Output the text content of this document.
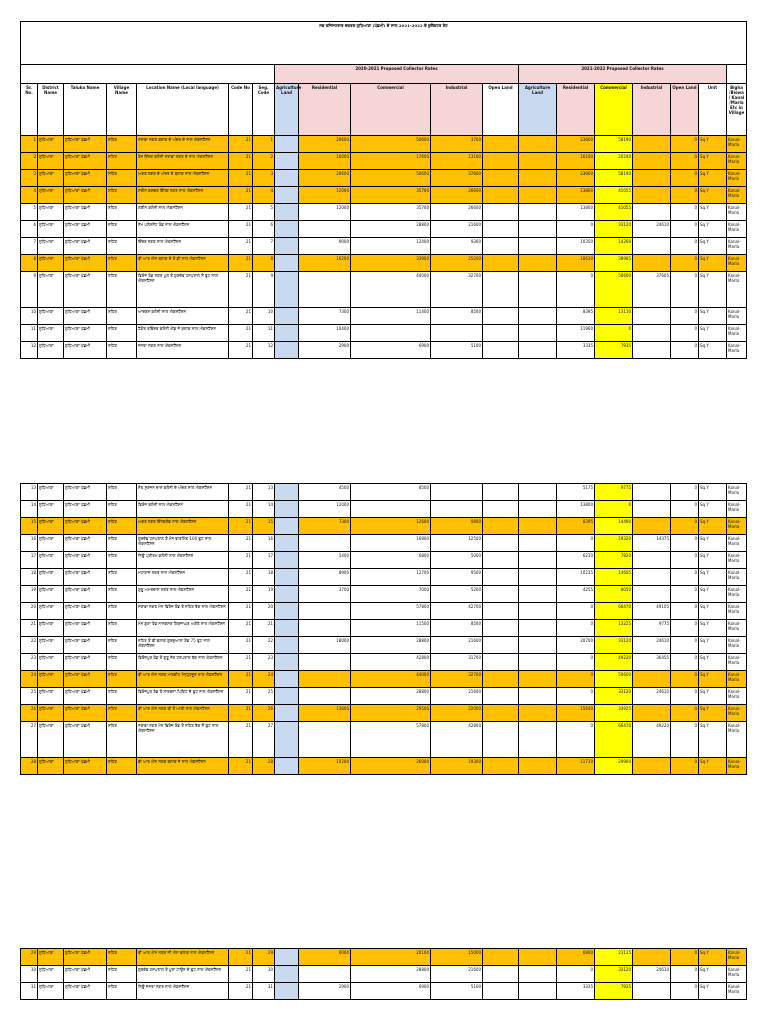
ਸਬ ਰਜਿਸਟਰਾਰ ਦਫਤਰ ਲੁਧਿਆਣਾ (ਪੱਛਮੀ) ਦੇ ਸਾਲ 2021-2022 ਦੇ ਕੁਲੈਕਟਰ ਰੇਟ																		
							2020-2021 Proposed Collector Rates					2021-2022 Proposed Collector Rates						
Sr. No.	District Name	Taluka Name	Village Name	Location Name (Local language)	Code No	Seg. Code	Agriculture Land	Residential	Commercial	Industrial	Open Land	Agriculture Land	Residential	Commercial	Industrial	Open Land	Unit	Bigha /Biswa / Kanal /Marla Etc in Village
1	ਲੁਧਿਆਣਾ	ਲੁਧਿਆਣਾ ਪੱਛਮੀ	ਸ਼ਹਿਰ	ਸਰਾਭਾ ਨਗਰ ਬਲਾਕ ਦੇ ਅੰਦਰ ਦੇ ਨਾਲ ਐਕਸਟੈਂਸ਼ਨ	21	1		20600	50600	3700			23660	58190		0	Sq.Y	Kanal-Marla
2	ਲੁਧਿਆਣਾ	ਲੁਧਿਆਣਾ ਪੱਛਮੀ	ਸ਼ਹਿਰ	ਰੋਜ਼ ਇੰਨਕ ਕਲੋਨੀ ਸਰਾਭਾ ਨਗਰ ਦੇ ਨਾਲ ਐਕਸਟੈਂਸ਼ਨ	21	2		16000	17600	13100			16100	20240		0	Sq.Y	Kanal-Marla
3	ਲੁਧਿਆਣਾ	ਲੁਧਿਆਣਾ ਪੱਛਮੀ	ਸ਼ਹਿਰ	ਅਗਰ ਨਗਰ ਦੇ ਅੰਦਰ ਦੇ ਬਲਾਕ ਨਾਲ ਐਕਸਟੈਂਸ਼ਨ	21	3		20600	50600	37600			23660	58190		0	Sq.Y	Kanal-Marla
4	ਲੁਧਿਆਣਾ	ਲੁਧਿਆਣਾ ਪੱਛਮੀ	ਸ਼ਹਿਰ	ਸਰੀਨ ਕਲਚਰ ਇੰਨਕ ਨਗਰ ਨਾਲ ਐਕਸਟੈਂਸ਼ਨ	21	4		12000	35700	26600			13800	41055		0	Sq.Y	Kanal-Marla
5	ਲੁਧਿਆਣਾ	ਲੁਧਿਆਣਾ ਪੱਛਮੀ	ਸ਼ਹਿਰ	ਗਰੀਨ ਕਲੋਨੀ ਨਾਲ ਐਕਸਟੈਂਸ਼ਨ	21	5		12000	35700	26600			13800	41055		0	Sq.Y	Kanal-Marla
6	ਲੁਧਿਆਣਾ	ਲੁਧਿਆਣਾ ਪੱਛਮੀ	ਸ਼ਹਿਰ	ਨੇਮ ਪਲੇਸਮੈਂਟ ਰੋਡ ਨਾਲ ਐਕਸਟੈਂਸ਼ਨ	21	6			28800	21600			0	33120	24610	0	Sq.Y	Kanal-Marla
7	ਲੁਧਿਆਣਾ	ਲੁਧਿਆਣਾ ਪੱਛਮੀ	ਸ਼ਹਿਰ	ਇੰਦਰ ਨਗਰ ਨਾਲ ਐਕਸਟੈਂਸ਼ਨ	21	7		9000	12400	9300			10350	14260		0	Sq.Y	Kanal-Marla
8	ਲੁਧਿਆਣਾ	ਲੁਧਿਆਣਾ ਪੱਛਮੀ	ਸ਼ਹਿਰ	ਬੀ ਆਰ ਐਸ ਬਲਾਕ ਦੇ ਤੋਂ ਡੀ ਨਾਲ ਐਕਸਟੈਂਸ਼ਨ	21	8		16200	33900	25200			18630	38985		0	Sq.Y	Kanal-Marla
9	ਲੁਧਿਆਣਾ	ਲੁਧਿਆਣਾ ਪੱਛਮੀ	ਸ਼ਹਿਰ	ਫਿਰੋਜ਼ ਰੋਡ ਨਗਰ ਪੁਲ ਤੋਂ ਗੁਰਦੇਵ ਹਸਪਤਾਲ ਸੌ ਫੁਟ ਨਾਲ ਐਕਸਟੈਂਸ਼ਨ	21	9			44000	32700			0	50600	37605	0	Sq.Y	Kanal-Marla
10	ਲੁਧਿਆਣਾ	ਲੁਧਿਆਣਾ ਪੱਛਮੀ	ਸ਼ਹਿਰ	ਆਦਰਸ਼ ਕਲੋਨੀ ਨਾਲ ਐਕਸਟੈਂਸ਼ਨ	21	10		7300	11400	8500			8395	13110		0	Sq.Y	Kanal-Marla
11	ਲੁਧਿਆਣਾ	ਲੁਧਿਆਣਾ ਪੱਛਮੀ	ਸ਼ਹਿਰ	ਟੈਗੋਰ ਰਵਿੰਦਰ ਕਲੋਨੀ ਐਂਡ ਜੇ ਬਲਾਕ ਨਾਲ ਐਕਸਟੈਂਸ਼ਨ	21	11		10400					11960	0		0	Sq.Y	Kanal-Marla
12	ਲੁਧਿਆਣਾ	ਲੁਧਿਆਣਾ ਪੱਛਮੀ	ਸ਼ਹਿਰ	ਜਨਤਾ ਨਗਰ ਨਾਲ ਐਕਸਟੈਂਸ਼ਨ	21	12		2900	6900	5100			3335	7935		0	Sq.Y	Kanal-Marla
13	ਲੁਧਿਆਣਾ	ਲੁਧਿਆਣਾ ਪੱਛਮੀ	ਸ਼ਹਿਰ	ਸੰਤ ਸੁਰਜਨ ਦਾਸ ਕਲੋਨੀ ਦੇ ਅੰਦਰ ਨਾਲ ਐਕਸਟੈਂਸ਼ਨ	21	13		4500	8500				5175	9775		0	Sq.Y	Kanal-Marla
14	ਲੁਧਿਆਣਾ	ਲੁਧਿਆਣਾ ਪੱਛਮੀ	ਸ਼ਹਿਰ	ਫਿਰੋਜ਼ ਕਲੋਨੀ ਨਾਲ ਐਕਸਟੈਂਸ਼ਨ	21	14		12000					13800	0		0	Sq.Y	Kanal-Marla
15	ਲੁਧਿਆਣਾ	ਲੁਧਿਆਣਾ ਪੱਛਮੀ	ਸ਼ਹਿਰ	ਅਗਰ ਨਗਰ ਇੰਨਕਲੇਵ ਨਾਲ ਐਕਸਟੈਂਸ਼ਨ	21	15		7300	12600	9400			8395	14490		0	Sq.Y	Kanal-Marla
16	ਲੁਧਿਆਣਾ	ਲੁਧਿਆਣਾ ਪੱਛਮੀ	ਸ਼ਹਿਰ	ਗੁਰਦੇਵ ਹਸਪਤਾਲ ਤੋਂ ਮੰਨ ਫਾਰਮਿੰਗ 100 ਫੁਟ ਨਾਲ ਐਕਸਟੈਂਸ਼ਨ	21	16			16800	12500			0	19320	14375	0	Sq.Y	Kanal-Marla
17	ਲੁਧਿਆਣਾ	ਲੁਧਿਆਣਾ ਪੱਛਮੀ	ਸ਼ਹਿਰ	ਨਿਊ ਪ੍ਰੀਤਮ ਕਲੋਨੀ ਨਾਲ ਐਕਸਟੈਂਸ਼ਨ	21	17		5400	6800	5000			6210	7820		0	Sq.Y	Kanal-Marla
18	ਲੁਧਿਆਣਾ	ਲੁਧਿਆਣਾ ਪੱਛਮੀ	ਸ਼ਹਿਰ	ਮਹਾਰਾਜ ਨਗਰ ਨਾਲ ਐਕਸਟੈਂਸ਼ਨ	21	18		8900	12700	9500			10235	14605		0	Sq.Y	Kanal-Marla
19	ਲੁਧਿਆਣਾ	ਲੁਧਿਆਣਾ ਪੱਛਮੀ	ਸ਼ਹਿਰ	ਗੁਰੂ ਅਮਰਦਾਸ ਨਗਰ ਨਾਲ ਐਕਸਟੈਂਸ਼ਨ	21	19		3700	7000	5200			4255	8050		0	Sq.Y	Kanal-Marla
20	ਲੁਧਿਆਣਾ	ਲੁਧਿਆਣਾ ਪੱਛਮੀ	ਸ਼ਹਿਰ	ਸਰਾਭਾ ਨਗਰ ਮੇਨ ਫਿਰੋਜ਼ ਰੋਡ ਤੋਂ ਨਹਿਰ ਤੱਕ ਨਾਲ ਐਕਸਟੈਂਸ਼ਨ	21	20			57800	42700			0	66470	49105	0	Sq.Y	Kanal-Marla
21	ਲੁਧਿਆਣਾ	ਲੁਧਿਆਣਾ ਪੱਛਮੀ	ਸ਼ਹਿਰ	ਮੇਨ ਗੁਰਾ ਰੋਡ ਨਾਨਕਸਰ ਗਿਰਜਾਘਰ ਅਗੇਤੇ ਨਾਲ ਐਕਸਟੈਂਸ਼ਨ	21	21			11500	8500			0	13225	9775	0	Sq.Y	Kanal-Marla
22	ਲੁਧਿਆਣਾ	ਲੁਧਿਆਣਾ ਪੱਛਮੀ	ਸ਼ਹਿਰ	ਨਹਿਰ ਤੋਂ ਬੀ ਬਲਾਕ ਗੁਰਦੁਆਰਾ ਰੋਡ 75 ਫੁਟ ਨਾਲ ਐਕਸਟੈਂਸ਼ਨ	21	22		18000	28800	21600			20700	33120	24610	0	Sq.Y	Kanal-Marla
23	ਲੁਧਿਆਣਾ	ਲੁਧਿਆਣਾ ਪੱਛਮੀ	ਸ਼ਹਿਰ	ਫਿਰੋਜ਼ਪੁਰ ਰੋਡ ਤੋਂ ਗੁਰੂ ਨੇਤ ਹਸਪਤਾਲ ਤੱਕ ਨਾਲ ਐਕਸਟੈਂਸ਼ਨ	21	23			42800	31700			0	49220	36455	0	Sq.Y	Kanal-Marla
24	ਲੁਧਿਆਣਾ	ਲੁਧਿਆਣਾ ਪੱਛਮੀ	ਸ਼ਹਿਰ	ਬੀ ਆਰ ਐਸ ਨਗਰ ਮਾਰਕੀਟ ਮੇਨ੍ਹੁਰਜ਼ੂਰ ਨਾਲ ਐਕਸਟੈਂਸ਼ਨ	21	24			44000	32700			0	50600		0	Sq.Y	Kanal-Marla
25	ਲੁਧਿਆਣਾ	ਲੁਧਿਆਣਾ ਪੱਛਮੀ	ਸ਼ਹਿਰ	ਫਿਰੋਜ਼ਪੁਰ ਰੋਡ ਤੋਂ ਨਾਰਥਨਾ ਪਿਕਿਟ ਦੇ ਫੁਟ ਨਾਲ ਐਕਸਟੈਂਸ਼ਨ	21	25			28800	21600			0	33120	24610	0	Sq.Y	Kanal-Marla
26	ਲੁਧਿਆਣਾ	ਲੁਧਿਆਣਾ ਪੱਛਮੀ	ਸ਼ਹਿਰ	ਬੀ ਆਰ ਐਸ ਨਗਰ ਬੀ ਤੋਂ ਆਈ ਨਾਲ ਐਕਸਟੈਂਸ਼ਨ	21	26		13600	29500	22000			15640	33925		0	Sq.Y	Kanal-Marla
27	ਲੁਧਿਆਣਾ	ਲੁਧਿਆਣਾ ਪੱਛਮੀ	ਸ਼ਹਿਰ	ਸਰਾਭਾ ਨਗਰ ਮੇਨ ਫਿਰੋਜ਼ ਰੋਡ ਤੋਂ ਨਹਿਰ ਤੱਕ ਸੌ ਫੁਟ ਨਾਲ ਐਕਸਟੈਂਸ਼ਨ	21	27			57800	42800			0	66470	49220	0	Sq.Y	Kanal-Marla
28	ਲੁਧਿਆਣਾ	ਲੁਧਿਆਣਾ ਪੱਛਮੀ	ਸ਼ਹਿਰ	ਬੀ ਆਰ ਐਸ ਨਗਰ ਬਲਾਕ ਜੇ ਨਾਲ ਐਕਸਟੈਂਸ਼ਨ	21	28		10200	26000	19300			11730	29900		0	Sq.Y	Kanal-Marla
29	ਲੁਧਿਆਣਾ	ਲੁਧਿਆਣਾ ਪੱਛਮੀ	ਸ਼ਹਿਰ	ਬੀ ਆਰ ਐਸ ਨਗਰ ਜੀ ਐਸ ਬਲਾਕ ਨਾਲ ਐਕਸਟੈਂਸ਼ਨ	21	29		6000	20100	15000			6900	23115		0	Sq.Y	Kanal-Marla
30	ਲੁਧਿਆਣਾ	ਲੁਧਿਆਣਾ ਪੱਛਮੀ	ਸ਼ਹਿਰ	ਗੁਰਦੇਵ ਹਸਪਤਾਲ ਤੋਂ ਪੁਰਾ ਟਾਉਨ ਦੇ ਫੁਟ ਨਾਲ ਐਕਸਟੈਂਸ਼ਨ	21	30			28800	21600			0	33120	24610	0	Sq.Y	Kanal-Marla
31	ਲੁਧਿਆਣਾ	ਲੁਧਿਆਣਾ ਪੱਛਮੀ	ਸ਼ਹਿਰ	ਨਿਊ ਜਨਤਾ ਨਗਰ ਨਾਲ ਐਕਸਟੈਂਸ਼ਨ	21	31		2900	6900	5100			3335	7935		0	Sq.Y	Kanal-Marla
